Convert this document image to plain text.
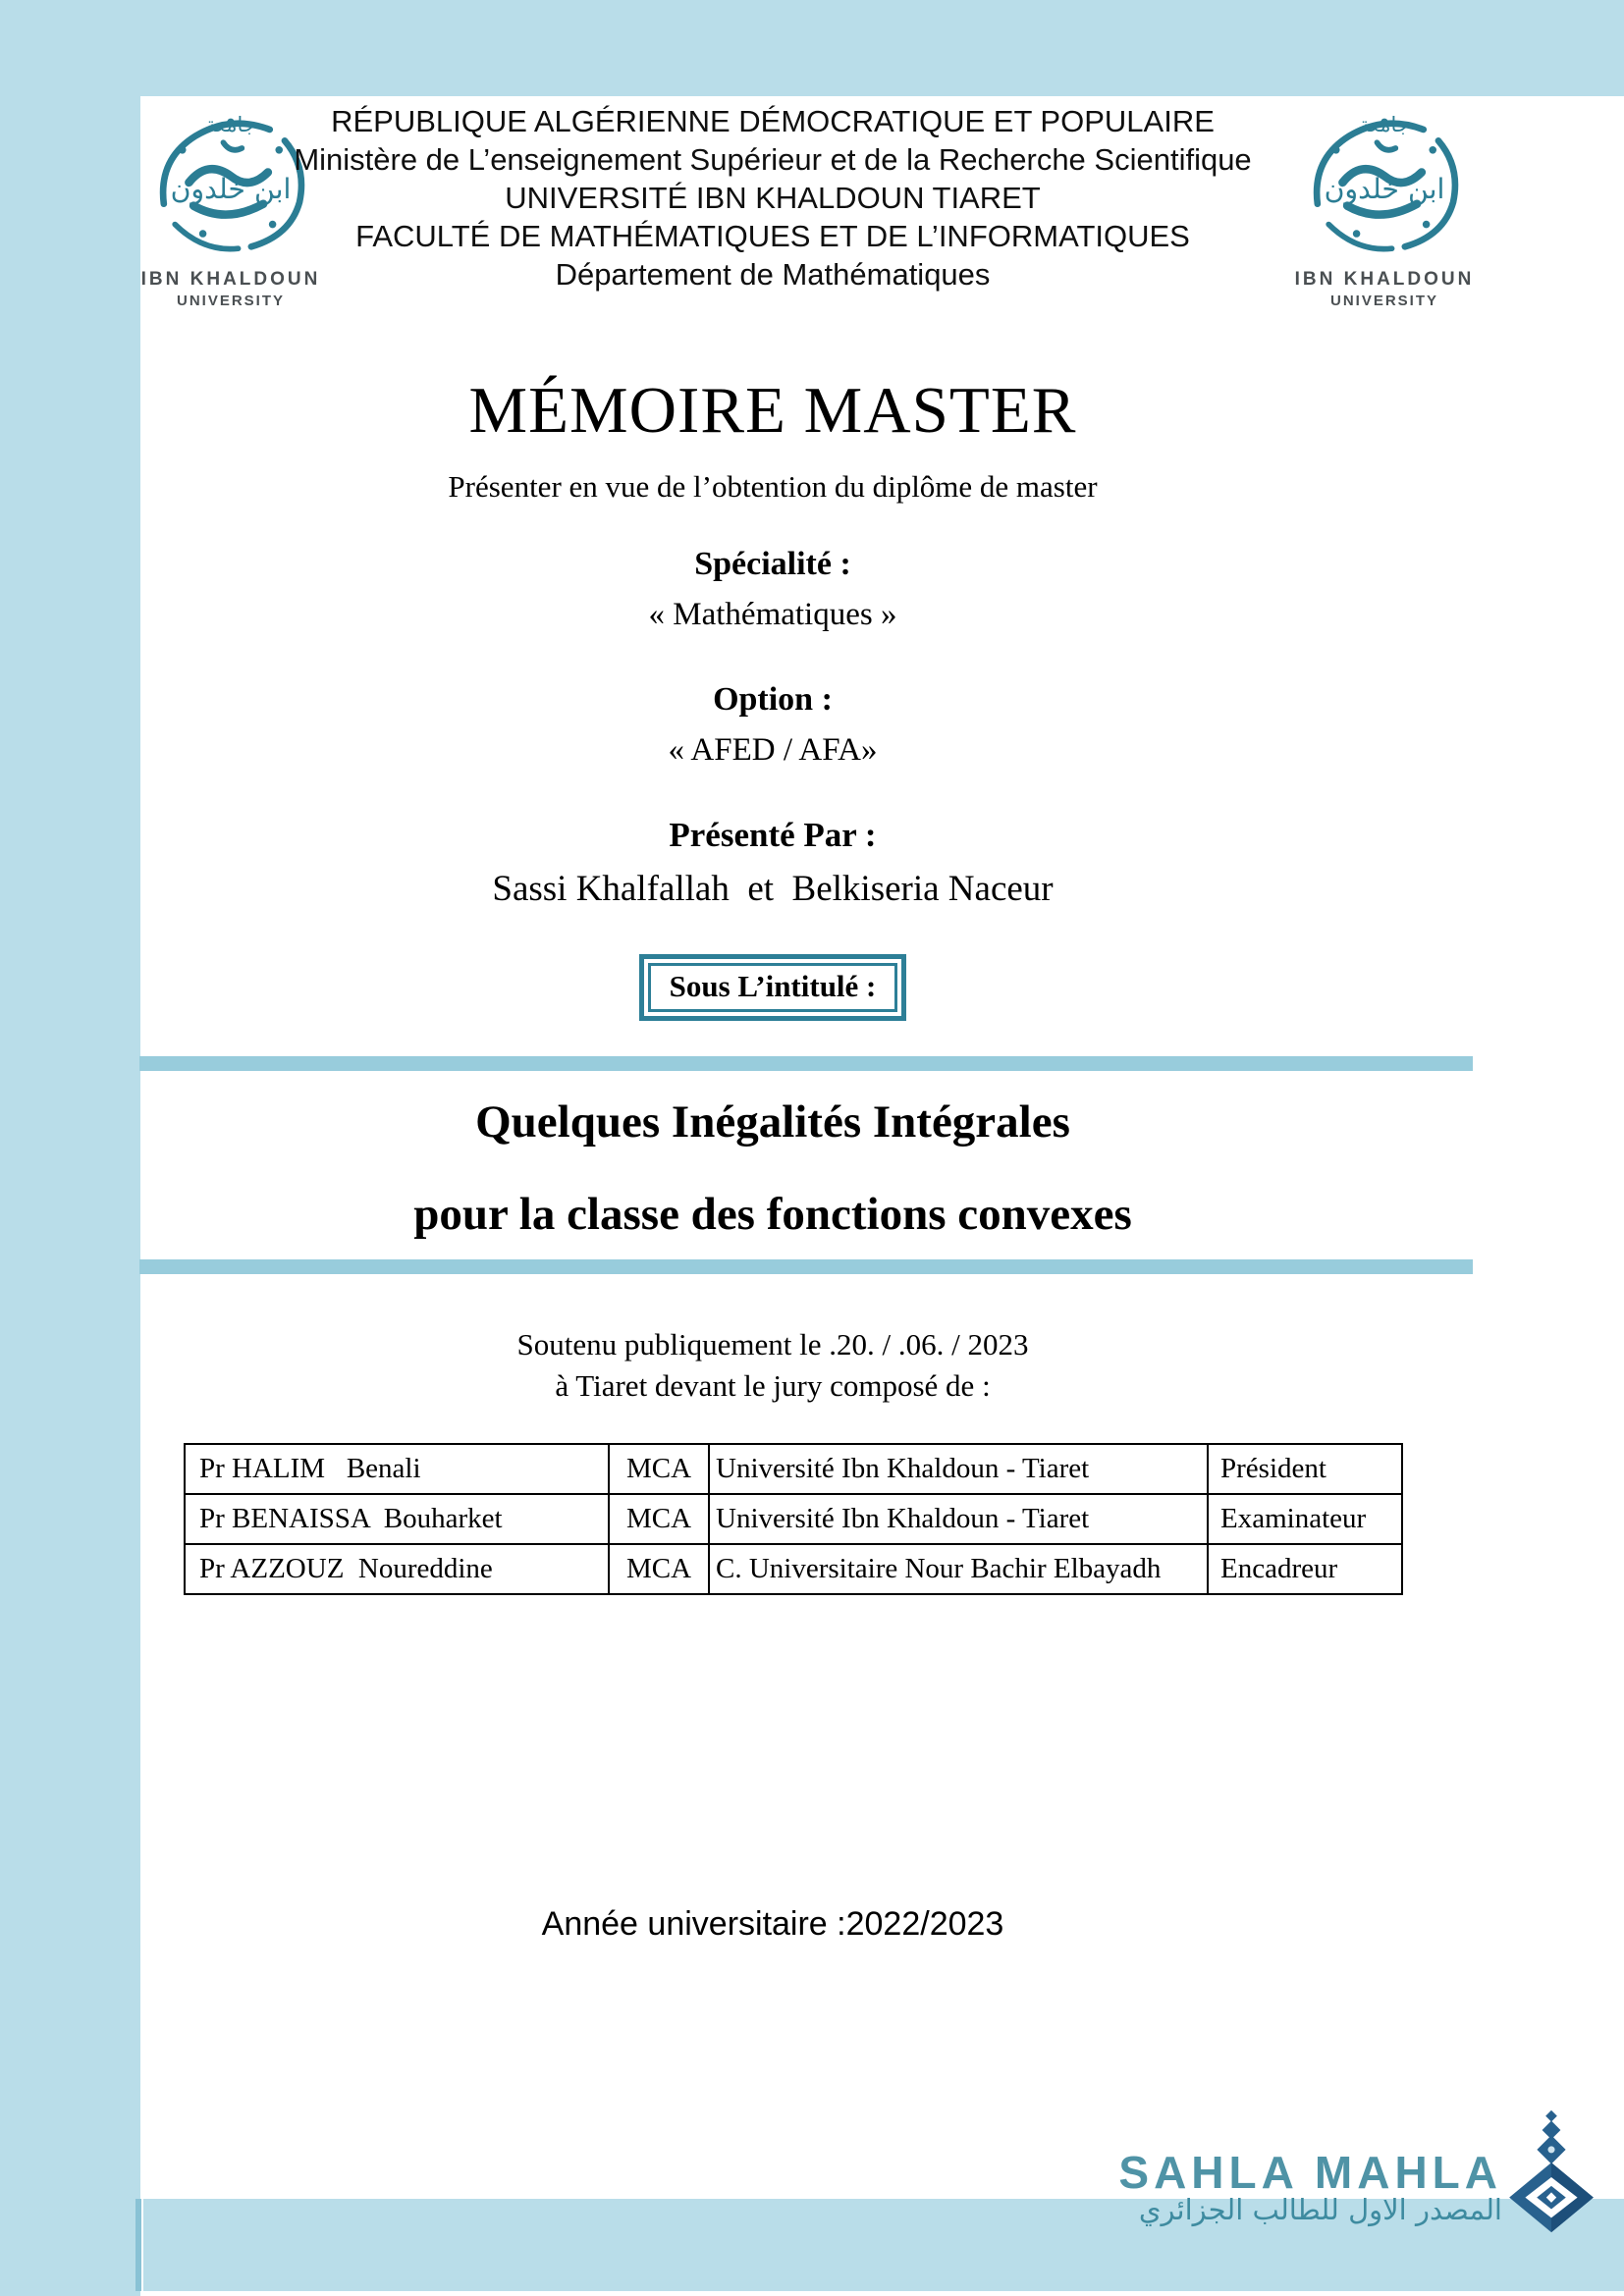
جامعة
ابن خلدون
IBN KHALDOUN
UNIVERSITY
جامعة
ابن خلدون
IBN KHALDOUN
UNIVERSITY
RÉPUBLIQUE ALGÉRIENNE DÉMOCRATIQUE ET POPULAIRE
Ministère de L’enseignement Supérieur et de la Recherche Scientifique
UNIVERSITÉ IBN KHALDOUN TIARET
FACULTÉ DE MATHÉMATIQUES ET DE L’INFORMATIQUES
Département de Mathématiques
MÉMOIRE MASTER
Présenter en vue de l’obtention du diplôme de master
Spécialité :
« Mathématiques »
Option :
« AFED / AFA»
Présenté Par :
Sassi Khalfallah  et  Belkiseria Naceur
Sous L’intitulé :
Quelques Inégalités Intégrales
pour la classe des fonctions convexes
Soutenu publiquement le .20. / .06. / 2023
à Tiaret devant le jury composé de :
Pr HALIM   Benali	MCA	Université Ibn Khaldoun - Tiaret	Président
Pr BENAISSA  Bouharket	MCA	Université Ibn Khaldoun - Tiaret	Examinateur
Pr AZZOUZ  Noureddine	MCA	C. Universitaire Nour Bachir Elbayadh	Encadreur
Année universitaire :2022/2023
SAHLA MAHLA
المصدر الاول للطالب الجزائري
